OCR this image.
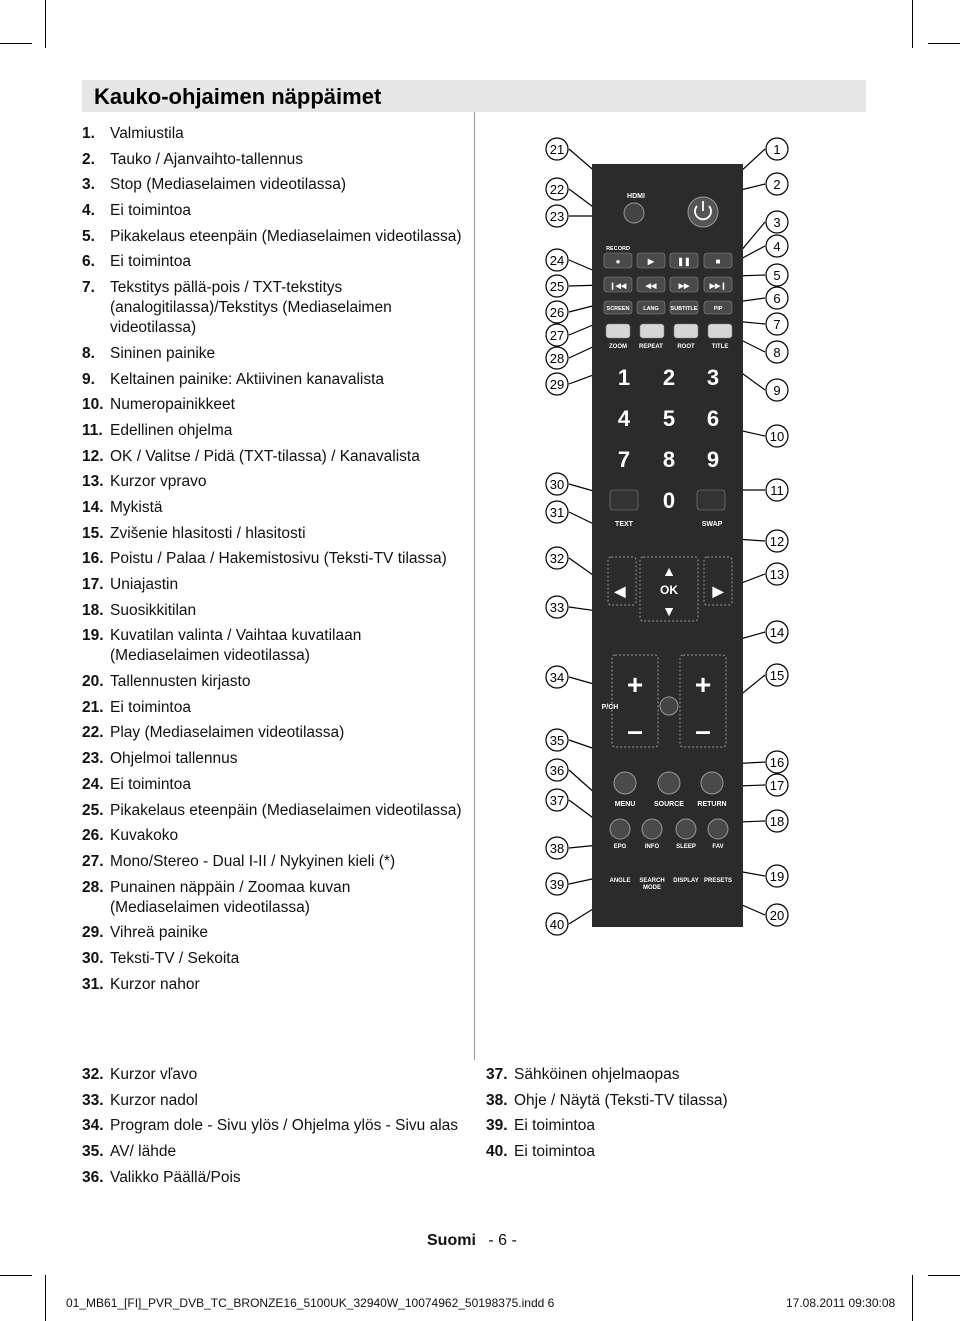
Kauko-ohjaimen näppäimet
1. Valmiustila
2. Tauko / Ajanvaihto-tallennus
3. Stop (Mediaselaimen videotilassa)
4. Ei toimintoa
5. Pikakelaus eteenpäin (Mediaselaimen videotilassa)
6. Ei toimintoa
7. Tekstitys pällä-pois / TXT-tekstitys (analogitilassa)/Tekstitys (Mediaselaimen videotilassa)
8. Sininen painike
9. Keltainen painike: Aktiivinen kanavalista
10. Numeropainikkeet
11. Edellinen ohjelma
12. OK / Valitse / Pidä (TXT-tilassa) / Kanavalista
13. Kurzor vpravo
14. Mykistä
15. Zvišenie hlasitosti / hlasitosti
16. Poistu / Palaa / Hakemistosivu (Teksti-TV tilassa)
17. Uniajastin
18. Suosikkitilan
19. Kuvatilan valinta / Vaihtaa kuvatilaan (Mediaselaimen videotilassa)
20. Tallennusten kirjasto
21. Ei toimintoa
22. Play (Mediaselaimen videotilassa)
23. Ohjelmoi tallennus
24. Ei toimintoa
25. Pikakelaus eteenpäin (Mediaselaimen videotilassa)
26. Kuvakoko
27. Mono/Stereo - Dual I-II / Nykyinen kieli (*)
28. Punainen näppäin / Zoomaa kuvan (Mediaselaimen videotilassa)
29. Vihreä painike
30. Teksti-TV / Sekoita
31. Kurzor nahor
32. Kurzor vľavo
33. Kurzor nadol
34. Program dole - Sivu ylös / Ohjelma ylös - Sivu alas
35. AV/ lähde
36. Valikko Päällä/Pois
37. Sähköinen ohjelmaopas
38. Ohje / Näytä (Teksti-TV tilassa)
39. Ei toimintoa
40. Ei toimintoa
HDMI
RECORD
●	▶	❚❚	■
❙◀◀	◀◀	▶▶	▶▶❙
SCREEN LANG SUBTITLE	PIP
ZOOM REPEAT ROOT	TITLE
1 2 3
4 5 6
7 8 9
0
TEXT	SWAP
◀	▶
▲
▼
OK
+ +
– –
P/CH
MENU	SOURCE RETURN
EPG	INFO	SLEEP	FAV
ANGLE SEARCH
MODE
DISPLAY PRESETS
21
22
23
24
25
26
27
28
29
30
31
32
33
34
35
36
37
38
39
40
1
2
3
4
5
6
7
8
9
10
11
12
13
14
15
16
17
18
19
20
Suomi - 6 -
01_MB61_[FI]_PVR_DVB_TC_BRONZE16_5100UK_32940W_10074962_50198375.indd 6	17.08.2011 09:30:08
